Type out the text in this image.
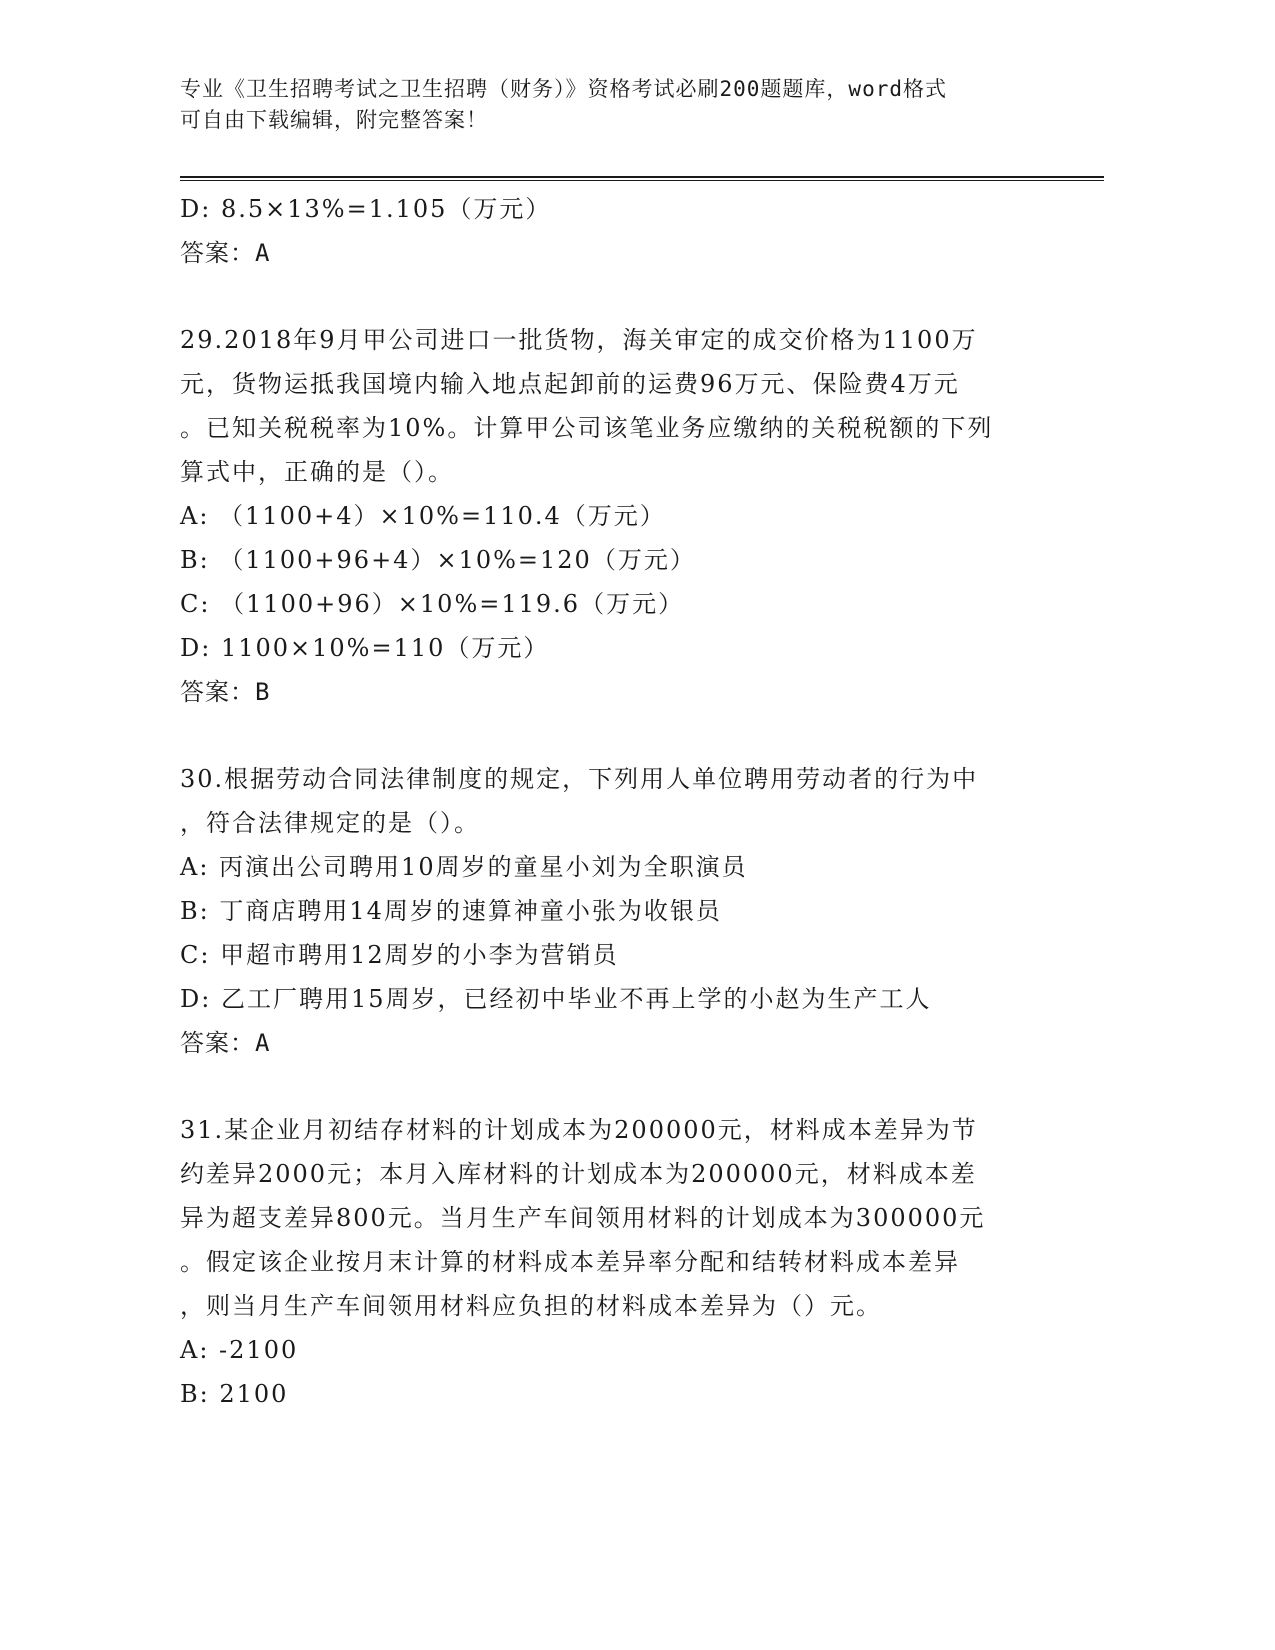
专业《卫生招聘考试之卫生招聘（财务）》资格考试必刷200题题库，word格式
可自由下载编辑，附完整答案！
D: 8.5×13%=1.105（万元）
答案：A
29.2018年9月甲公司进口一批货物，海关审定的成交价格为1100万
元，货物运抵我国境内输入地点起卸前的运费96万元、保险费4万元
。已知关税税率为10%。计算甲公司该笔业务应缴纳的关税税额的下列
算式中，正确的是（）。
A: （1100+4）×10%=110.4（万元）
B: （1100+96+4）×10%=120（万元）
C: （1100+96）×10%=119.6（万元）
D: 1100×10%=110（万元）
答案：B
30.根据劳动合同法律制度的规定，下列用人单位聘用劳动者的行为中
，符合法律规定的是（）。
A: 丙演出公司聘用10周岁的童星小刘为全职演员
B: 丁商店聘用14周岁的速算神童小张为收银员
C: 甲超市聘用12周岁的小李为营销员
D: 乙工厂聘用15周岁，已经初中毕业不再上学的小赵为生产工人
答案：A
31.某企业月初结存材料的计划成本为200000元，材料成本差异为节
约差异2000元；本月入库材料的计划成本为200000元，材料成本差
异为超支差异800元。当月生产车间领用材料的计划成本为300000元
。假定该企业按月末计算的材料成本差异率分配和结转材料成本差异
，则当月生产车间领用材料应负担的材料成本差异为（）元。
A: -2100
B: 2100
